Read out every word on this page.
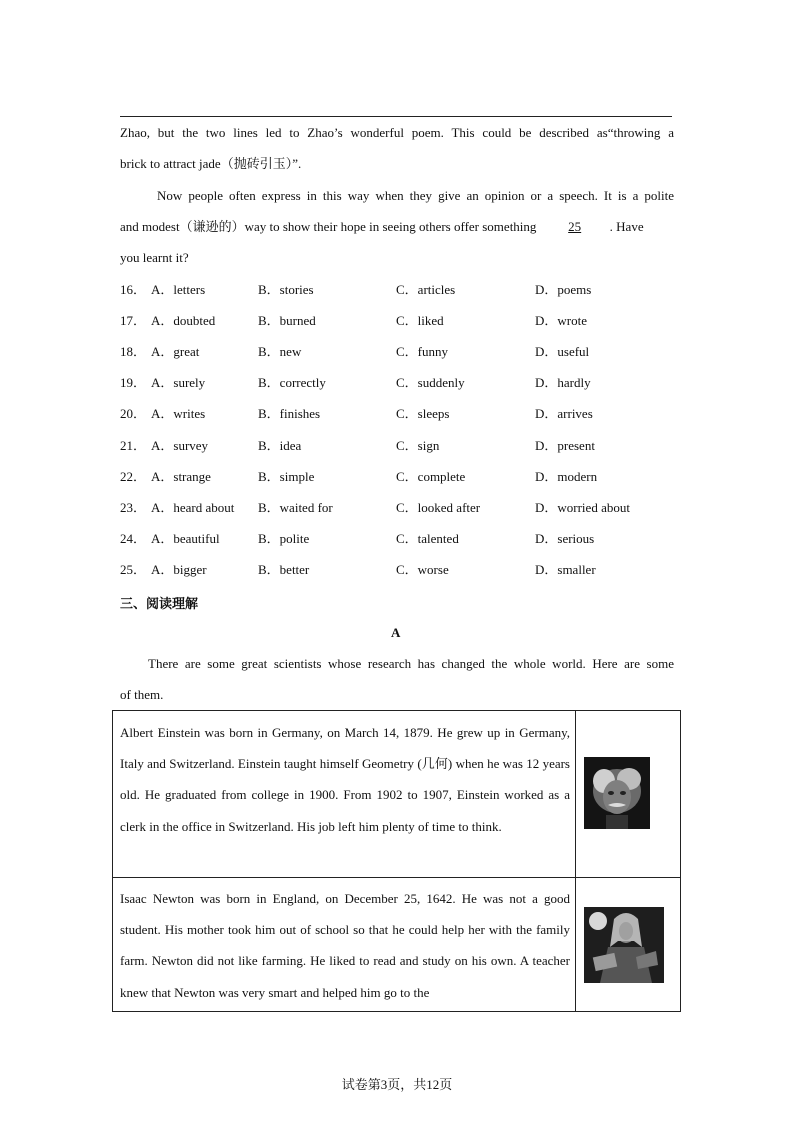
Zhao, but the two lines led to Zhao’s wonderful poem. This could be described as“throwing a
brick to attract jade（抛砖引玉）”.
Now people often express in this way when they give an opinion or a speech. It is a polite
and modest（谦逊的）way to show their hope in seeing others offer something 25 . Have
you learnt it?
16． A．letters	B．stories	C．articles	D．poems
17． A．doubted	B．burned	C．liked	D．wrote
18． A．great	B．new	C．funny	D．useful
19． A．surely	B．correctly	C．suddenly	D．hardly
20． A．writes	B．finishes	C．sleeps	D．arrives
21． A．survey	B．idea	C．sign	D．present
22． A．strange	B．simple	C．complete	D．modern
23． A．heard about B．waited for	C．looked after	D．worried about
24． A．beautiful	B．polite	C．talented	D．serious
25． A．bigger	B．better	C．worse	D．smaller
三、阅读理解
A
There are some great scientists whose research has changed the whole world. Here are some
of them.
Albert Einstein was born in Germany, on March 14, 1879. He grew up in Germany, Italy and Switzerland. Einstein taught himself Geometry (几何) when he was 12 years old. He graduated from college in 1900. From 1902 to 1907, Einstein worked as a clerk in the office in Switzerland. His job left him plenty of time to think.
Isaac Newton was born in England, on December 25, 1642. He was not a good student. His mother took him out of school so that he could help her with the family farm. Newton did not like farming. He liked to read and study on his own. A teacher knew that Newton was very smart and helped him go to the
试卷第3页，共12页
